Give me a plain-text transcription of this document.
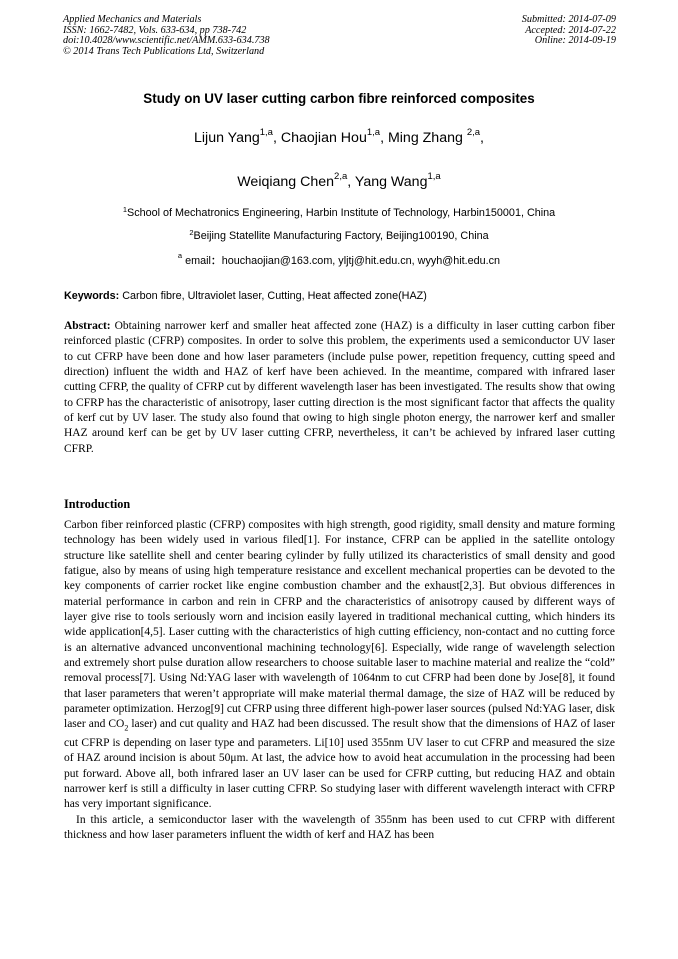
Applied Mechanics and Materials
ISSN: 1662-7482, Vols. 633-634, pp 738-742
doi:10.4028/www.scientific.net/AMM.633-634.738
© 2014 Trans Tech Publications Ltd, Switzerland
Submitted: 2014-07-09
Accepted: 2014-07-22
Online: 2014-09-19
Study on UV laser cutting carbon fibre reinforced composites
Lijun Yang$^{1,a}$, Chaojian Hou$^{1,a}$, Ming Zhang $^{2,a}$,
Weiqiang Chen$^{2,a}$, Yang Wang$^{1,a}$
$^1$School of Mechatronics Engineering, Harbin Institute of Technology, Harbin150001, China
$^2$Beijing Statellite Manufacturing Factory, Beijing100190, China
$^a$ email：houchaojian@163.com, yljtj@hit.edu.cn, wyyh@hit.edu.cn
Keywords: Carbon fibre, Ultraviolet laser, Cutting, Heat affected zone(HAZ)
Abstract: Obtaining narrower kerf and smaller heat affected zone (HAZ) is a difficulty in laser cutting carbon fiber reinforced plastic (CFRP) composites. In order to solve this problem, the experiments used a semiconductor UV laser to cut CFRP have been done and how laser parameters (include pulse power, repetition frequency, cutting speed and direction) influent the width and HAZ of kerf have been achieved. In the meantime, compared with infrared laser cutting CFRP, the quality of CFRP cut by different wavelength laser has been investigated. The results show that owing to CFRP has the characteristic of anisotropy, laser cutting direction is the most significant factor that affects the quality of kerf cut by UV laser. The study also found that owing to high single photon energy, the narrower kerf and smaller HAZ around kerf can be get by UV laser cutting CFRP, nevertheless, it can’t be achieved by infrared laser cutting CFRP.
Introduction

Carbon fiber reinforced plastic (CFRP) composites with high strength, good rigidity, small density and mature forming technology has been widely used in various filed[1]. For instance, CFRP can be applied in the satellite ontology structure like satellite shell and center bearing cylinder by fully utilized its characteristics of small density and good fatigue, also by means of using high temperature resistance and excellent mechanical properties can be devoted to the key components of carrier rocket like engine combustion chamber and the exhaust[2,3]. But obvious differences in material performance in carbon and rein in CFRP and the characteristics of anisotropy caused by different ways of layer give rise to tools seriously worn and incision easily layered in traditional mechanical cutting, which hinders its wide application[4,5]. Laser cutting with the characteristics of high cutting efficiency, non-contact and no cutting force is an alternative advanced unconventional machining technology[6]. Especially, wide range of wavelength selection and extremely short pulse duration allow researchers to choose suitable laser to machine material and realize the “cold” removal process[7]. Using Nd:YAG laser with wavelength of 1064nm to cut CFRP had been done by Jose[8], it found that laser parameters that weren’t appropriate will make material thermal damage, the size of HAZ will be reduced by parameter optimization. Herzog[9] cut CFRP using three different high-power laser sources (pulsed Nd:YAG laser, disk laser and $CO_2$ laser) and cut quality and HAZ had been discussed. The result show that the dimensions of HAZ of laser cut CFRP is depending on laser type and parameters. Li[10] used 355nm UV laser to cut CFRP and measured the size of HAZ around incision is about 50μm. At last, the advice how to avoid heat accumulation in the processing had been put forward. Above all, both infrared laser an UV laser can be used for CFRP cutting, but reducing HAZ and obtain narrower kerf is still a difficulty in laser cutting CFRP. So studying laser with different wavelength interact with CFRP has very important significance.

In this article, a semiconductor laser with the wavelength of 355nm has been used to cut CFRP with different thickness and how laser parameters influent the width of kerf and HAZ has been
